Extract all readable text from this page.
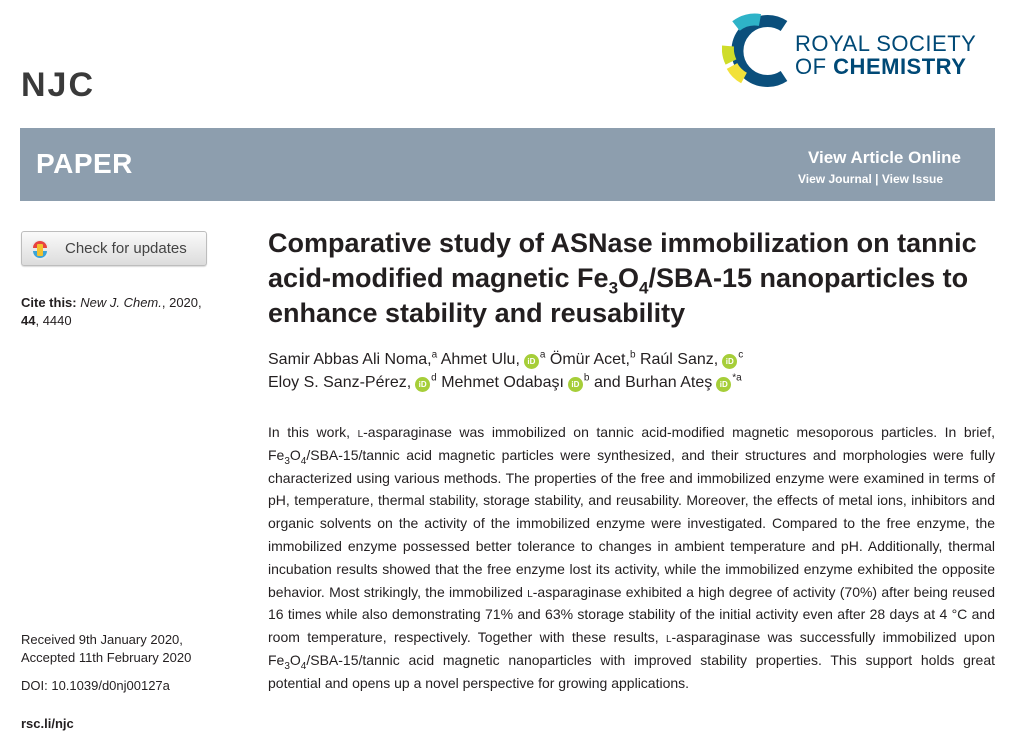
NJC
ROYAL SOCIETY
OF CHEMISTRY
PAPER	View Article Online
View Journal | View Issue
Check for updates
Cite this: New J. Chem., 2020,
44, 4440
Received 9th January 2020,
Accepted 11th February 2020
DOI: 10.1039/d0nj00127a
rsc.li/njc
Comparative study of ASNase immobilization on tannic acid-modified magnetic $Fe_3O_4/SBA-15$ nanoparticles to enhance stability and reusability
Samir Abbas Ali Noma,$^a$ Ahmet Ulu, $iD^a$ Ömür Acet,$^b$ Raúl Sanz, $iD^c$
Eloy S. Sanz-Pérez, $iD^d$ Mehmet Odabaşı $iD^b$ and Burhan Ateş $iD^{*a}$
In this work, l-asparaginase was immobilized on tannic acid-modified magnetic mesoporous particles. In brief, $Fe_3O_4/SBA-15$/tannic acid magnetic particles were synthesized, and their structures and morphologies were fully characterized using various methods. The properties of the free and immobilized enzyme were examined in terms of pH, temperature, thermal stability, storage stability, and reusability. Moreover, the effects of metal ions, inhibitors and organic solvents on the activity of the immobilized enzyme were investigated. Compared to the free enzyme, the immobilized enzyme possessed better tolerance to changes in ambient temperature and pH. Additionally, thermal incubation results showed that the free enzyme lost its activity, while the immobilized enzyme exhibited the opposite behavior. Most strikingly, the immobilized l-asparaginase exhibited a high degree of activity (70%) after being reused 16 times while also demonstrating 71% and 63% storage stability of the initial activity even after 28 days at 4 °C and room temperature, respectively. Together with these results, l-asparaginase was successfully immobilized upon $Fe_3O_4/SBA-15$/tannic acid magnetic nanoparticles with improved stability properties. This support holds great potential and opens up a novel perspective for growing applications.
